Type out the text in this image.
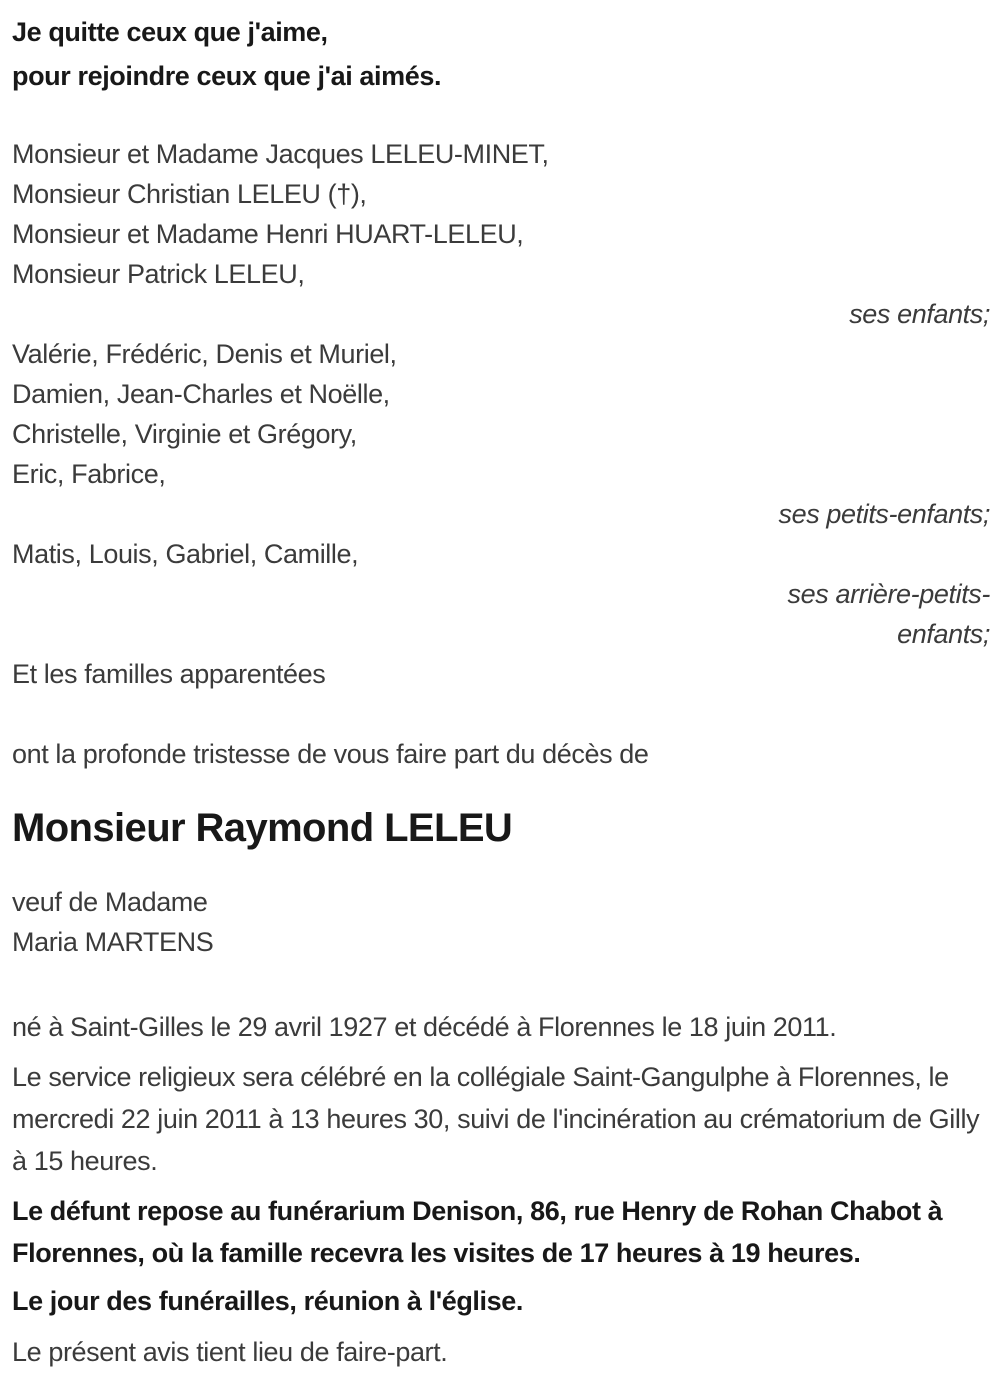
Je quitte ceux que j'aime,
pour rejoindre ceux que j'ai aimés.
Monsieur et Madame Jacques LELEU-MINET,
Monsieur Christian LELEU (†),
Monsieur et Madame Henri HUART-LELEU,
Monsieur Patrick LELEU,
ses enfants;
Valérie, Frédéric, Denis et Muriel,
Damien, Jean-Charles et Noëlle,
Christelle, Virginie et Grégory,
Eric, Fabrice,
ses petits-enfants;
Matis, Louis, Gabriel, Camille,
ses arrière-petits-enfants;
Et les familles apparentées

ont la profonde tristesse de vous faire part du décès de

Monsieur Raymond LELEU
veuf de Madame
Maria MARTENS

né à Saint-Gilles le 29 avril 1927 et décédé à Florennes le 18 juin 2011.

Le service religieux sera célébré en la collégiale Saint-Gangulphe à Florennes, le mercredi 22 juin 2011 à 13 heures 30, suivi de l'incinération au crématorium de Gilly à 15 heures.

Le défunt repose au funérarium Denison, 86, rue Henry de Rohan Chabot à Florennes, où la famille recevra les visites de 17 heures à 19 heures.

Le jour des funérailles, réunion à l'église.

Le présent avis tient lieu de faire-part.
